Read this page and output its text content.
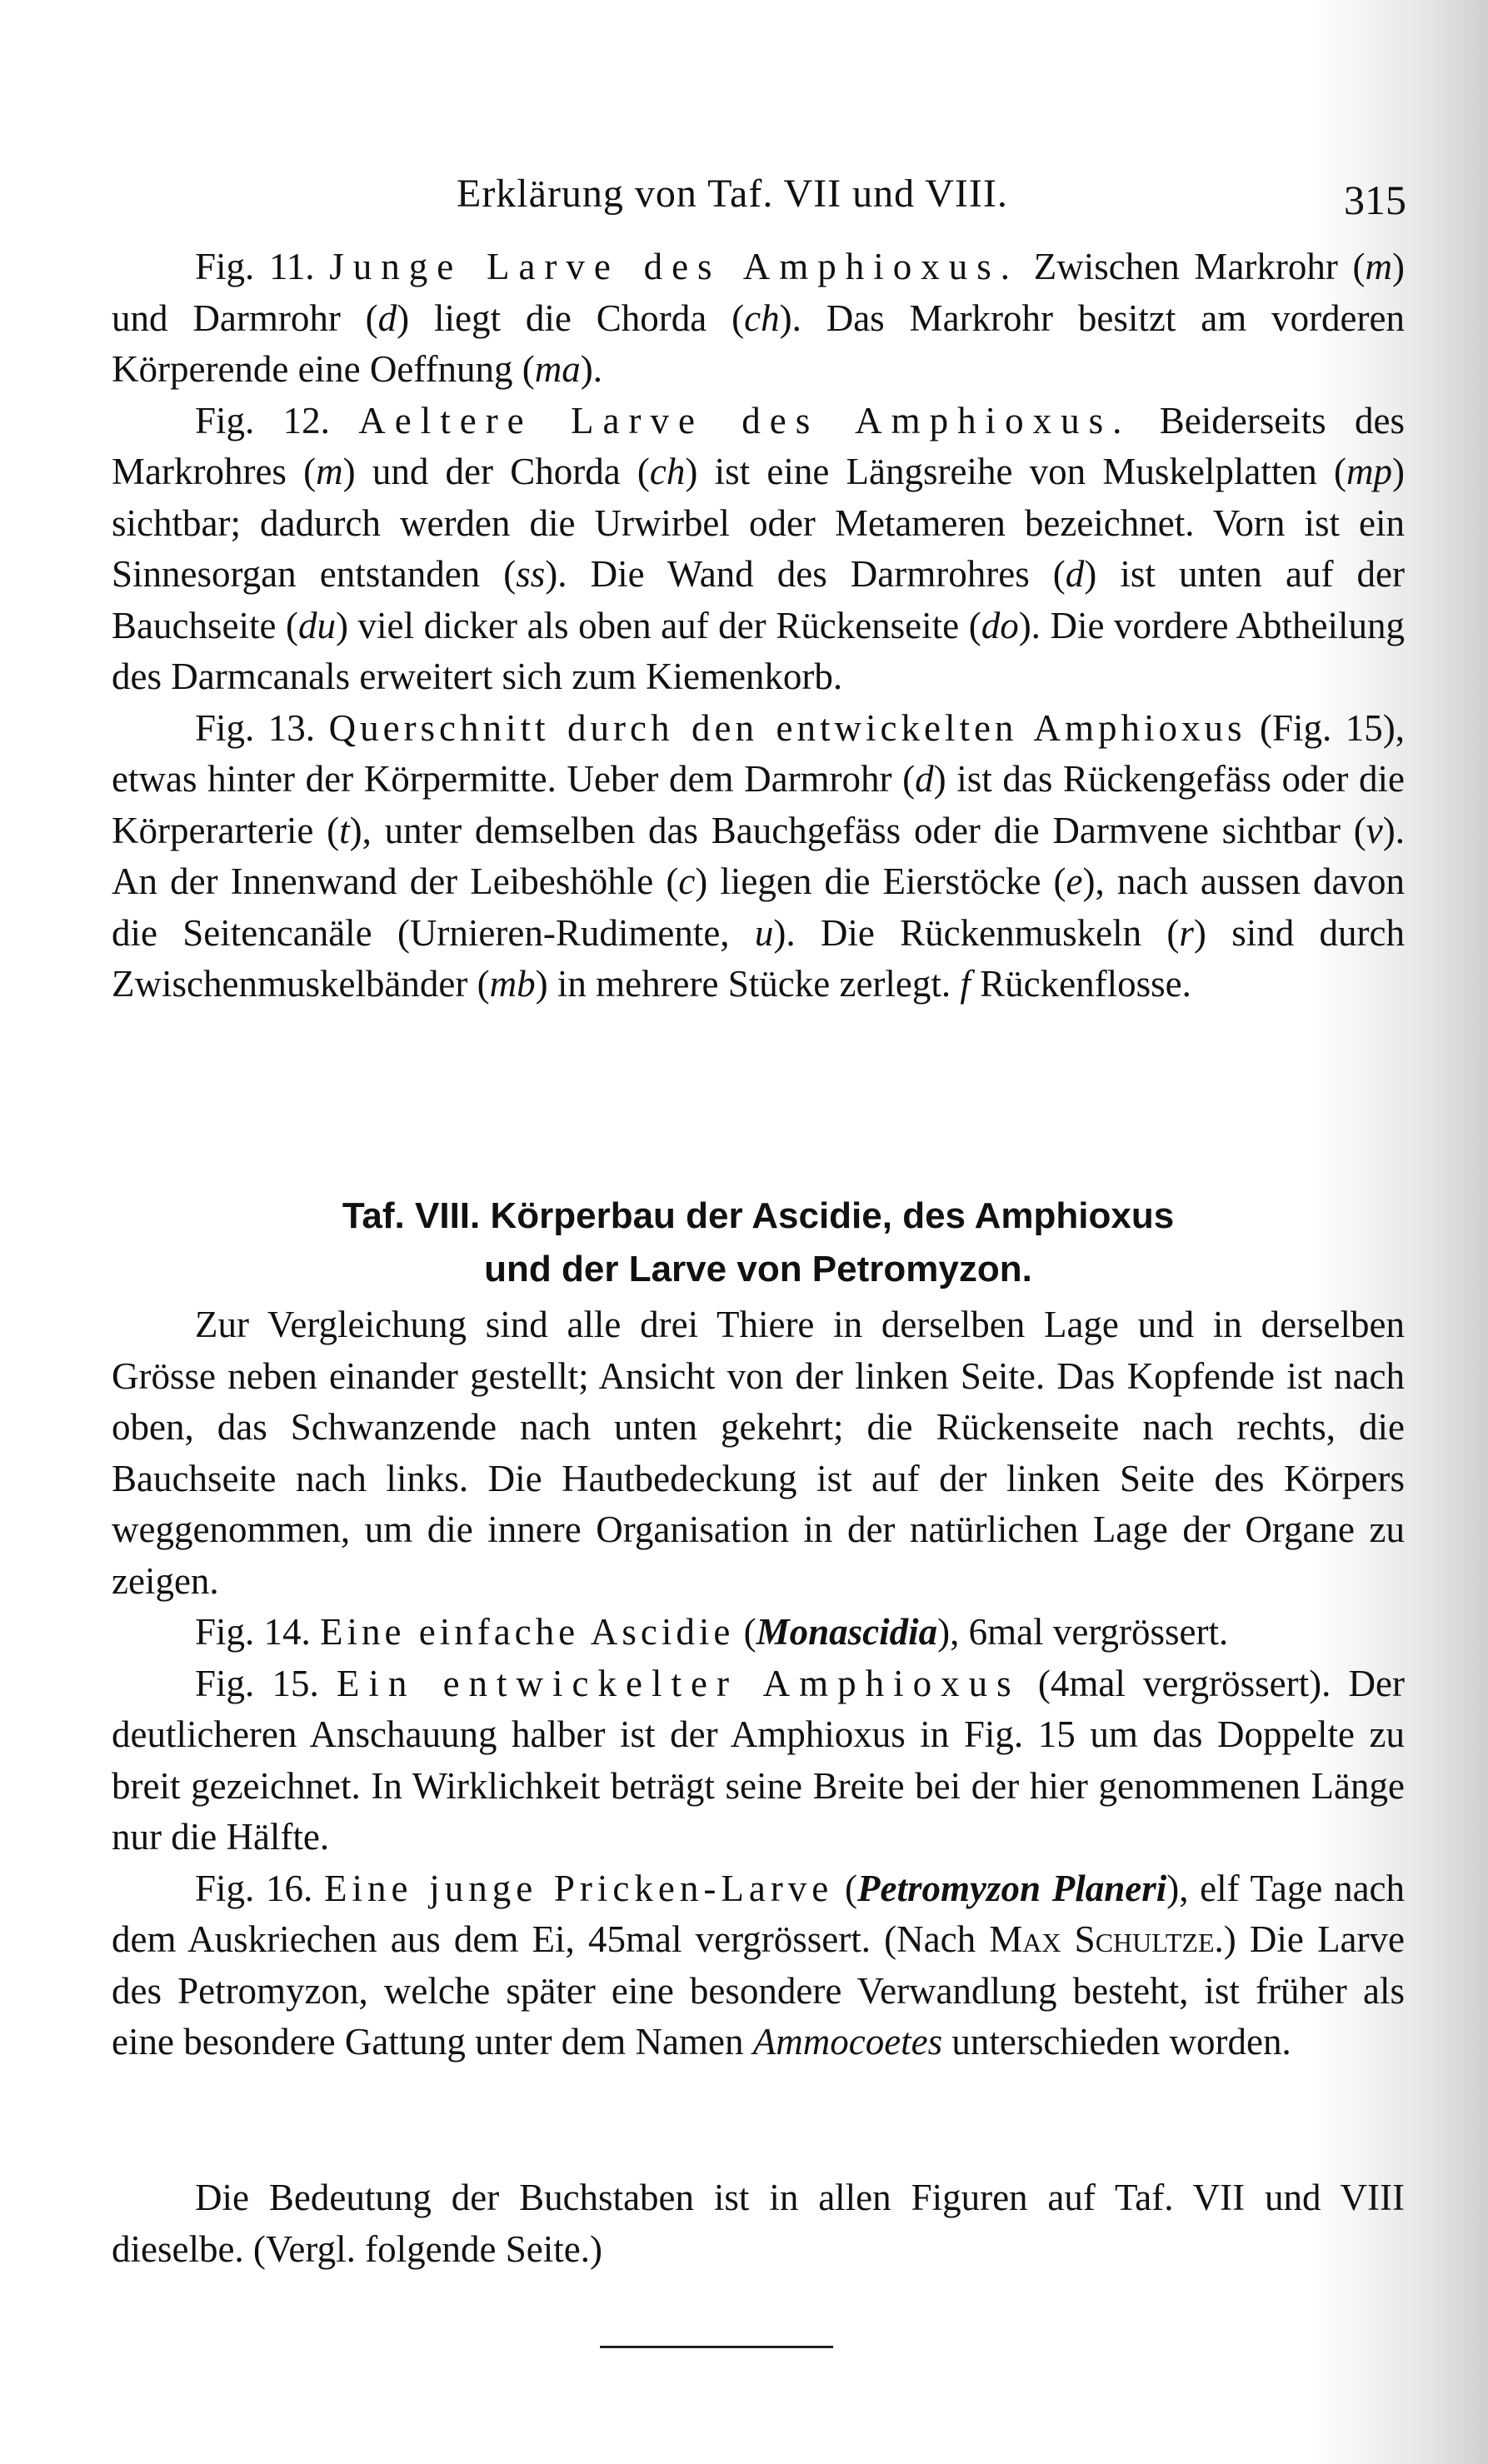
Erklärung von Taf. VII und VIII.	315

Fig. 11. Junge Larve des Amphioxus. Zwischen Markrohr (m) und Darmrohr (d) liegt die Chorda (ch). Das Markrohr besitzt am vorderen Körperende eine Oeffnung (ma).

Fig. 12. Aeltere Larve des Amphioxus. Beiderseits des Markrohres (m) und der Chorda (ch) ist eine Längsreihe von Muskelplatten (mp) sichtbar; dadurch werden die Urwirbel oder Metameren bezeichnet. Vorn ist ein Sinnesorgan entstanden (ss). Die Wand des Darmrohres (d) ist unten auf der Bauchseite (du) viel dicker als oben auf der Rückenseite (do). Die vordere Abtheilung des Darmcanals erweitert sich zum Kiemenkorb.

Fig. 13. Querschnitt durch den entwickelten Amphioxus (Fig. 15), etwas hinter der Körpermitte. Ueber dem Darmrohr (d) ist das Rückengefäss oder die Körperarterie (t), unter demselben das Bauchgefäss oder die Darmvene sichtbar (v). An der Innenwand der Leibeshöhle (c) liegen die Eierstöcke (e), nach aussen davon die Seitencanäle (Urnieren-Rudimente, u). Die Rückenmuskeln (r) sind durch Zwischenmuskelbänder (mb) in mehrere Stücke zerlegt. f Rückenflosse.

Taf. VIII. Körperbau der Ascidie, des Amphioxus
und der Larve von Petromyzon.

Zur Vergleichung sind alle drei Thiere in derselben Lage und in derselben Grösse neben einander gestellt; Ansicht von der linken Seite. Das Kopfende ist nach oben, das Schwanzende nach unten gekehrt; die Rückenseite nach rechts, die Bauchseite nach links. Die Hautbedeckung ist auf der linken Seite des Körpers weggenommen, um die innere Organisation in der natürlichen Lage der Organe zu zeigen.

Fig. 14. Eine einfache Ascidie (Monascidia), 6mal vergrössert.

Fig. 15. Ein entwickelter Amphioxus (4mal vergrössert). Der deutlicheren Anschauung halber ist der Amphioxus in Fig. 15 um das Doppelte zu breit gezeichnet. In Wirklichkeit beträgt seine Breite bei der hier genommenen Länge nur die Hälfte.

Fig. 16. Eine junge Pricken-Larve (Petromyzon Planeri), elf Tage nach dem Auskriechen aus dem Ei, 45mal vergrössert. (Nach Max Schultze.) Die Larve des Petromyzon, welche später eine besondere Verwandlung besteht, ist früher als eine besondere Gattung unter dem Namen Ammocoetes unterschieden worden.

Die Bedeutung der Buchstaben ist in allen Figuren auf Taf. VII und VIII dieselbe. (Vergl. folgende Seite.)
